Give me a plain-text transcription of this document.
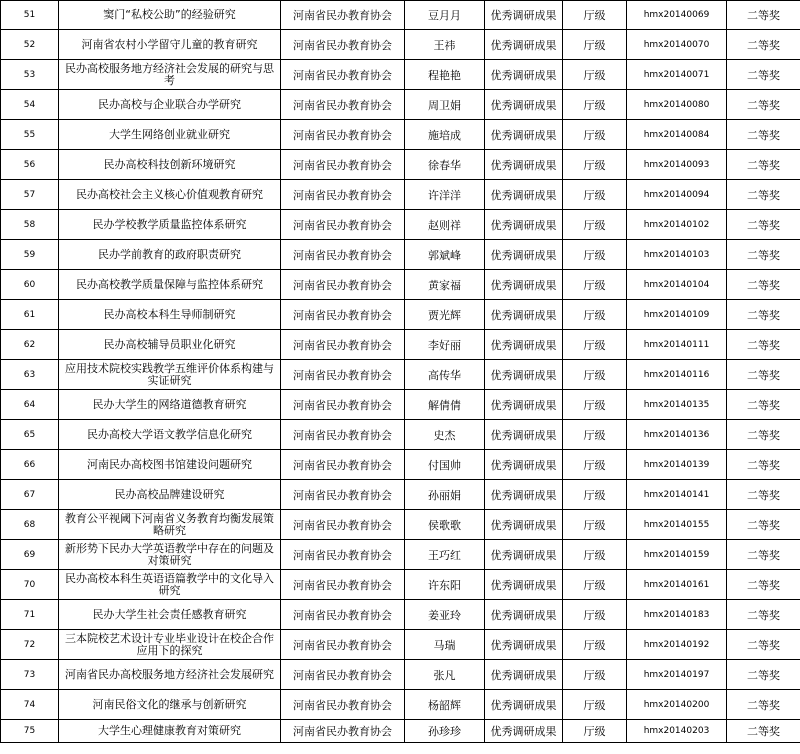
51	窦门“私校公助”的经验研究	河南省民办教育协会	豆月月	优秀调研成果	厅级	hmx20140069	二等奖
52	河南省农村小学留守儿童的教育研究	河南省民办教育协会	王祎	优秀调研成果	厅级	hmx20140070	二等奖
53	民办高校服务地方经济社会发展的研究与思考	河南省民办教育协会	程艳艳	优秀调研成果	厅级	hmx20140071	二等奖
54	民办高校与企业联合办学研究	河南省民办教育协会	周卫娟	优秀调研成果	厅级	hmx20140080	二等奖
55	大学生网络创业就业研究	河南省民办教育协会	施培成	优秀调研成果	厅级	hmx20140084	二等奖
56	民办高校科技创新环境研究	河南省民办教育协会	徐春华	优秀调研成果	厅级	hmx20140093	二等奖
57	民办高校社会主义核心价值观教育研究	河南省民办教育协会	许洋洋	优秀调研成果	厅级	hmx20140094	二等奖
58	民办学校教学质量监控体系研究	河南省民办教育协会	赵则祥	优秀调研成果	厅级	hmx20140102	二等奖
59	民办学前教育的政府职责研究	河南省民办教育协会	郭斌峰	优秀调研成果	厅级	hmx20140103	二等奖
60	民办高校教学质量保障与监控体系研究	河南省民办教育协会	黄家福	优秀调研成果	厅级	hmx20140104	二等奖
61	民办高校本科生导师制研究	河南省民办教育协会	贾光辉	优秀调研成果	厅级	hmx20140109	二等奖
62	民办高校辅导员职业化研究	河南省民办教育协会	李好丽	优秀调研成果	厅级	hmx20140111	二等奖
63	应用技术院校实践教学五维评价体系构建与实证研究	河南省民办教育协会	高传华	优秀调研成果	厅级	hmx20140116	二等奖
64	民办大学生的网络道德教育研究	河南省民办教育协会	解倩倩	优秀调研成果	厅级	hmx20140135	二等奖
65	民办高校大学语文教学信息化研究	河南省民办教育协会	史杰	优秀调研成果	厅级	hmx20140136	二等奖
66	河南民办高校图书馆建设问题研究	河南省民办教育协会	付国帅	优秀调研成果	厅级	hmx20140139	二等奖
67	民办高校品牌建设研究	河南省民办教育协会	孙丽娟	优秀调研成果	厅级	hmx20140141	二等奖
68	教育公平视阈下河南省义务教育均衡发展策略研究	河南省民办教育协会	侯歌歌	优秀调研成果	厅级	hmx20140155	二等奖
69	新形势下民办大学英语教学中存在的问题及对策研究	河南省民办教育协会	王巧红	优秀调研成果	厅级	hmx20140159	二等奖
70	民办高校本科生英语语篇教学中的文化导入研究	河南省民办教育协会	许东阳	优秀调研成果	厅级	hmx20140161	二等奖
71	民办大学生社会责任感教育研究	河南省民办教育协会	姜亚玲	优秀调研成果	厅级	hmx20140183	二等奖
72	三本院校艺术设计专业毕业设计在校企合作应用下的探究	河南省民办教育协会	马瑞	优秀调研成果	厅级	hmx20140192	二等奖
73	河南省民办高校服务地方经济社会发展研究	河南省民办教育协会	张凡	优秀调研成果	厅级	hmx20140197	二等奖
74	河南民俗文化的继承与创新研究	河南省民办教育协会	杨韶辉	优秀调研成果	厅级	hmx20140200	二等奖
75	大学生心理健康教育对策研究	河南省民办教育协会	孙珍珍	优秀调研成果	厅级	hmx20140203	二等奖
